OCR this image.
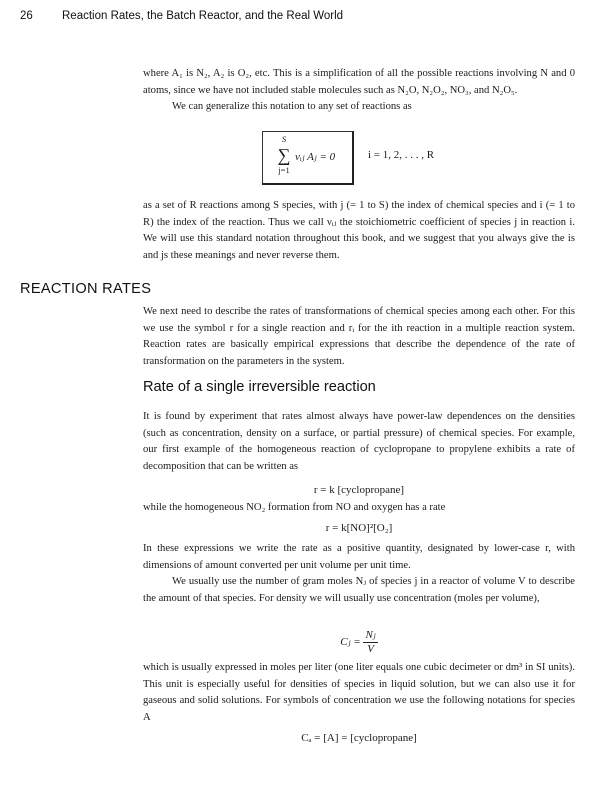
26	Reaction Rates, the Batch Reactor, and the Real World

where A₁ is N₂, A₂ is O₂, etc. This is a simplification of all the possible reactions involving N and 0 atoms, since we have not included stable molecules such as N₂O, N₂O₂, NO₃, and N₂O₅.

We can generalize this notation to any set of reactions as

S
∑
j=1
νᵢⱼ Aⱼ = 0	i = 1, 2, . . . , R

as a set of R reactions among S species, with j (= 1 to S) the index of chemical species and i (= 1 to R) the index of the reaction. Thus we call νᵢⱼ the stoichiometric coefficient of species j in reaction i. We will use this standard notation throughout this book, and we suggest that you always give the is and js these meanings and never reverse them.

REACTION RATES

We next need to describe the rates of transformations of chemical species among each other. For this we use the symbol r for a single reaction and rᵢ for the ith reaction in a multiple reaction system. Reaction rates are basically empirical expressions that describe the dependence of the rate of transformation on the parameters in the system.

Rate of a single irreversible reaction

It is found by experiment that rates almost always have power-law dependences on the densities (such as concentration, density on a surface, or partial pressure) of chemical species. For example, our first example of the homogeneous reaction of cyclopropane to propylene exhibits a rate of decomposition that can be written as

r = k [cyclopropane]

while the homogeneous NO₂ formation from NO and oxygen has a rate

r = k[NO]²[O₂]

In these expressions we write the rate as a positive quantity, designated by lower-case r, with dimensions of amount converted per unit volume per unit time.

We usually use the number of gram moles Nⱼ of species j in a reactor of volume V to describe the amount of that species. For density we will usually use concentration (moles per volume),

Cⱼ = $\frac{\text{Nⱼ}}{V}$

which is usually expressed in moles per liter (one liter equals one cubic decimeter or dm³ in SI units). This unit is especially useful for densities of species in liquid solution, but we can also use it for gaseous and solid solutions. For symbols of concentration we use the following notations for species A

Cₐ = [A] = [cyclopropane]
